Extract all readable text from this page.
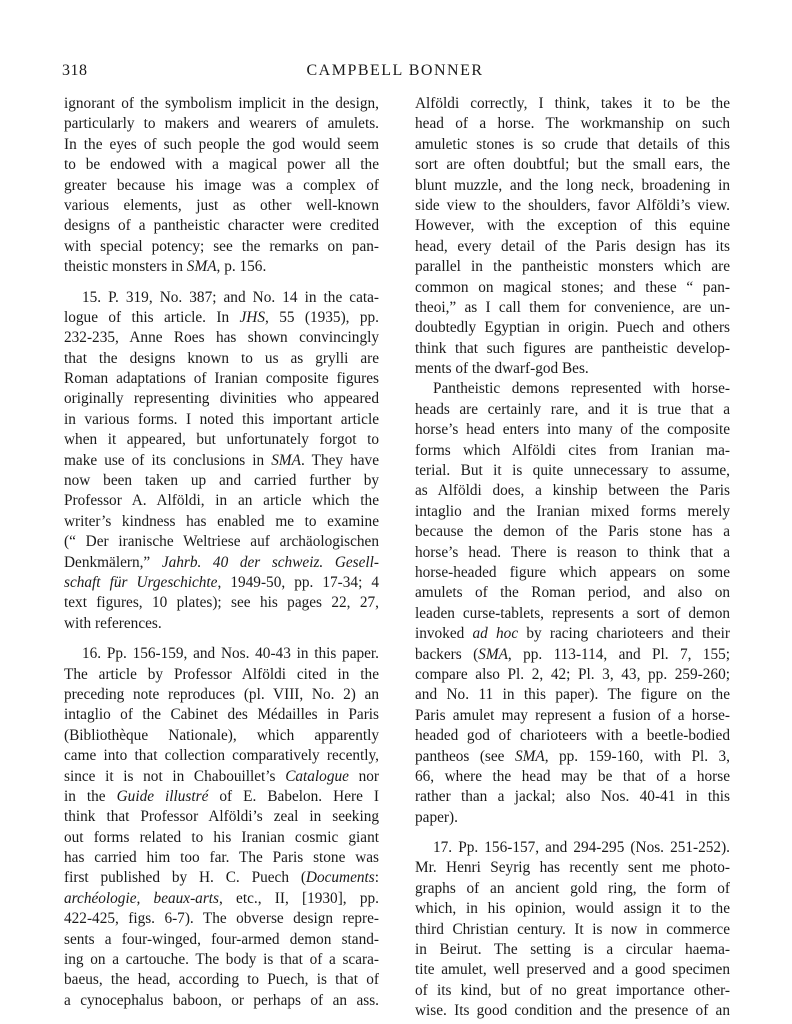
318	CAMPBELL BONNER
ignorant of the symbolism implicit in the design,
particularly to makers and wearers of amulets.
In the eyes of such people the god would seem
to be endowed with a magical power all the
greater because his image was a complex of
various elements, just as other well-known
designs of a pantheistic character were credited
with special potency; see the remarks on pan-
theistic monsters in SMA, p. 156.
15. P. 319, No. 387; and No. 14 in the cata-
logue of this article. In JHS, 55 (1935), pp.
232-235, Anne Roes has shown convincingly
that the designs known to us as grylli are
Roman adaptations of Iranian composite figures
originally representing divinities who appeared
in various forms. I noted this important article
when it appeared, but unfortunately forgot to
make use of its conclusions in SMA. They have
now been taken up and carried further by
Professor A. Alföldi, in an article which the
writer’s kindness has enabled me to examine
(“ Der iranische Weltriese auf archäologischen
Denkmälern,” Jahrb. 40 der schweiz. Gesell-
schaft für Urgeschichte, 1949-50, pp. 17-34; 4
text figures, 10 plates); see his pages 22, 27,
with references.
16. Pp. 156-159, and Nos. 40-43 in this paper.
The article by Professor Alföldi cited in the
preceding note reproduces (pl. VIII, No. 2) an
intaglio of the Cabinet des Médailles in Paris
(Bibliothèque Nationale), which apparently
came into that collection comparatively recently,
since it is not in Chabouillet’s Catalogue nor
in the Guide illustré of E. Babelon. Here I
think that Professor Alföldi’s zeal in seeking
out forms related to his Iranian cosmic giant
has carried him too far. The Paris stone was
first published by H. C. Puech (Documents:
archéologie, beaux-arts, etc., II, [1930], pp.
422-425, figs. 6-7). The obverse design repre-
sents a four-winged, four-armed demon stand-
ing on a cartouche. The body is that of a scara-
baeus, the head, according to Puech, is that of
a cynocephalus baboon, or perhaps of an ass.
Alföldi correctly, I think, takes it to be the
head of a horse. The workmanship on such
amuletic stones is so crude that details of this
sort are often doubtful; but the small ears, the
blunt muzzle, and the long neck, broadening in
side view to the shoulders, favor Alföldi’s view.
However, with the exception of this equine
head, every detail of the Paris design has its
parallel in the pantheistic monsters which are
common on magical stones; and these “ pan-
theoi,” as I call them for convenience, are un-
doubtedly Egyptian in origin. Puech and others
think that such figures are pantheistic develop-
ments of the dwarf-god Bes.
Pantheistic demons represented with horse-
heads are certainly rare, and it is true that a
horse’s head enters into many of the composite
forms which Alföldi cites from Iranian ma-
terial. But it is quite unnecessary to assume,
as Alföldi does, a kinship between the Paris
intaglio and the Iranian mixed forms merely
because the demon of the Paris stone has a
horse’s head. There is reason to think that a
horse-headed figure which appears on some
amulets of the Roman period, and also on
leaden curse-tablets, represents a sort of demon
invoked ad hoc by racing charioteers and their
backers (SMA, pp. 113-114, and Pl. 7, 155;
compare also Pl. 2, 42; Pl. 3, 43, pp. 259-260;
and No. 11 in this paper). The figure on the
Paris amulet may represent a fusion of a horse-
headed god of charioteers with a beetle-bodied
pantheos (see SMA, pp. 159-160, with Pl. 3,
66, where the head may be that of a horse
rather than a jackal; also Nos. 40-41 in this
paper).
17. Pp. 156-157, and 294-295 (Nos. 251-252).
Mr. Henri Seyrig has recently sent me photo-
graphs of an ancient gold ring, the form of
which, in his opinion, would assign it to the
third Christian century. It is now in commerce
in Beirut. The setting is a circular haema-
tite amulet, well preserved and a good specimen
of its kind, but of no great importance other-
wise. Its good condition and the presence of an
